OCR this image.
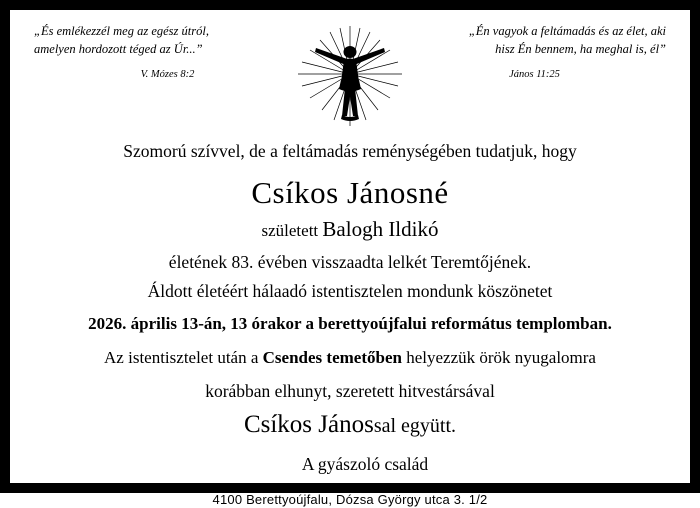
„És emlékezzél meg az egész útról, amelyen hordozott téged az Úr...”
V. Mózes 8:2
„Én vagyok a feltámadás és az élet, aki hisz Én bennem, ha meghal is, él”
János 11:25
Szomorú szívvel, de a feltámadás reménységében tudatjuk, hogy
Csíkos Jánosné
született Balogh Ildikó
életének 83. évében visszaadta lelkét Teremtőjének.
Áldott életéért hálaadó istentisztelen mondunk köszönetet
2026. április 13-án, 13 órakor a berettyoújfalui református templomban.
Az istentisztelet után a Csendes temetőben helyezzük örök nyugalomra
korábban elhunyt, szeretett hitvestársával
Csíkos Jánossal együtt.
A gyászoló család
4100 Berettyoújfalu, Dózsa György utca 3. 1/2
